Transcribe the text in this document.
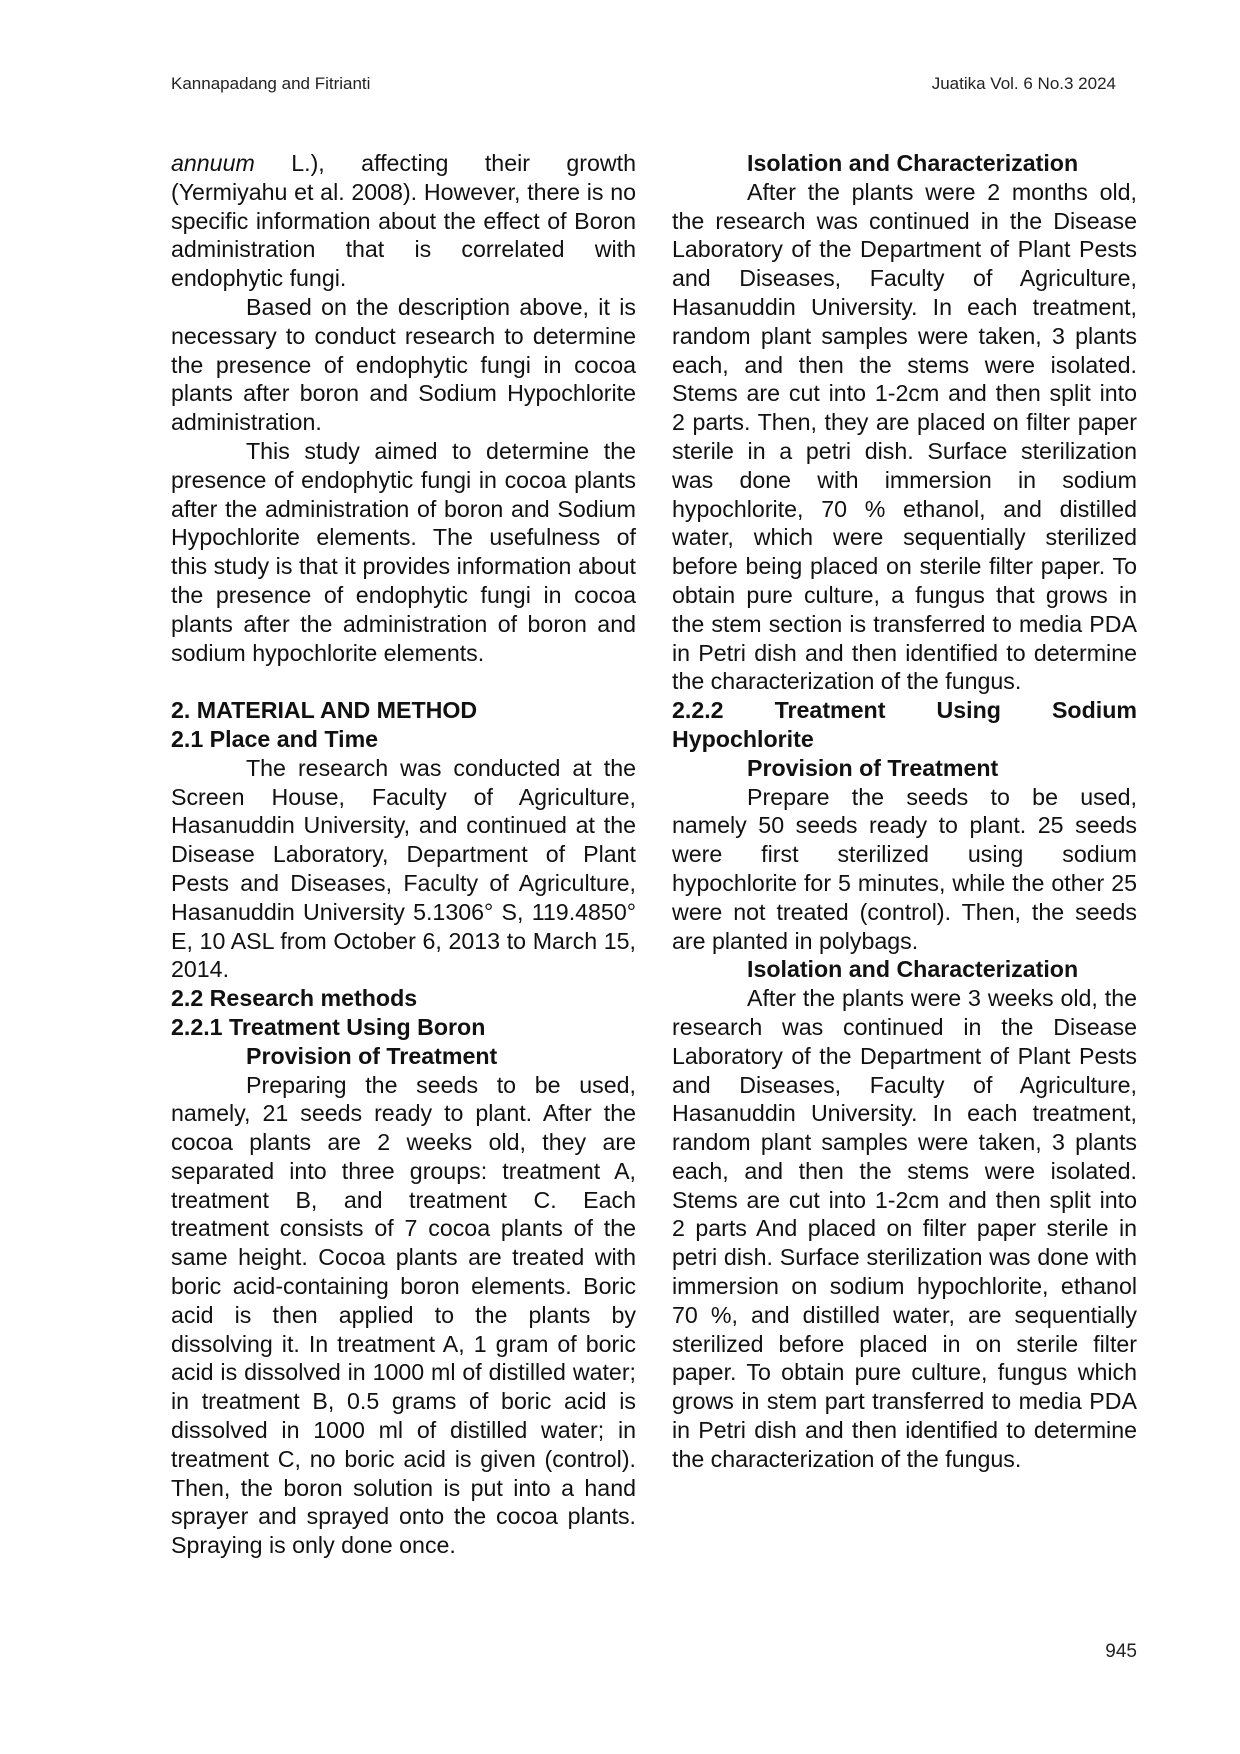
Kannapadang and Fitrianti	Juatika Vol. 6 No.3 2024

annuum L.), affecting their growth (Yermiyahu et al. 2008). However, there is no specific information about the effect of Boron administration that is correlated with endophytic fungi.

Based on the description above, it is necessary to conduct research to determine the presence of endophytic fungi in cocoa plants after boron and Sodium Hypochlorite administration.

This study aimed to determine the presence of endophytic fungi in cocoa plants after the administration of boron and Sodium Hypochlorite elements. The usefulness of this study is that it provides information about the presence of endophytic fungi in cocoa plants after the administration of boron and sodium hypochlorite elements.

2. MATERIAL AND METHOD
2.1 Place and Time

The research was conducted at the Screen House, Faculty of Agriculture, Hasanuddin University, and continued at the Disease Laboratory, Department of Plant Pests and Diseases, Faculty of Agriculture, Hasanuddin University 5.1306° S, 119.4850° E, 10 ASL from October 6, 2013 to March 15, 2014.

2.2 Research methods
2.2.1 Treatment Using Boron
Provision of Treatment

Preparing the seeds to be used, namely, 21 seeds ready to plant. After the cocoa plants are 2 weeks old, they are separated into three groups: treatment A, treatment B, and treatment C. Each treatment consists of 7 cocoa plants of the same height. Cocoa plants are treated with boric acid-containing boron elements. Boric acid is then applied to the plants by dissolving it. In treatment A, 1 gram of boric acid is dissolved in 1000 ml of distilled water; in treatment B, 0.5 grams of boric acid is dissolved in 1000 ml of distilled water; in treatment C, no boric acid is given (control). Then, the boron solution is put into a hand sprayer and sprayed onto the cocoa plants. Spraying is only done once.

Isolation and Characterization

After the plants were 2 months old, the research was continued in the Disease Laboratory of the Department of Plant Pests and Diseases, Faculty of Agriculture, Hasanuddin University. In each treatment, random plant samples were taken, 3 plants each, and then the stems were isolated. Stems are cut into 1-2cm and then split into 2 parts. Then, they are placed on filter paper sterile in a petri dish. Surface sterilization was done with immersion in sodium hypochlorite, 70 % ethanol, and distilled water, which were sequentially sterilized before being placed on sterile filter paper. To obtain pure culture, a fungus that grows in the stem section is transferred to media PDA in Petri dish and then identified to determine the characterization of the fungus.

2.2.2 Treatment Using Sodium
Hypochlorite
Provision of Treatment

Prepare the seeds to be used, namely 50 seeds ready to plant. 25 seeds were first sterilized using sodium hypochlorite for 5 minutes, while the other 25 were not treated (control). Then, the seeds are planted in polybags.

Isolation and Characterization

After the plants were 3 weeks old, the research was continued in the Disease Laboratory of the Department of Plant Pests and Diseases, Faculty of Agriculture, Hasanuddin University. In each treatment, random plant samples were taken, 3 plants each, and then the stems were isolated. Stems are cut into 1-2cm and then split into 2 parts And placed on filter paper sterile in petri dish. Surface sterilization was done with immersion on sodium hypochlorite, ethanol 70 %, and distilled water, are sequentially sterilized before placed in on sterile filter paper. To obtain pure culture, fungus which grows in stem part transferred to media PDA in Petri dish and then identified to determine the characterization of the fungus.

945
